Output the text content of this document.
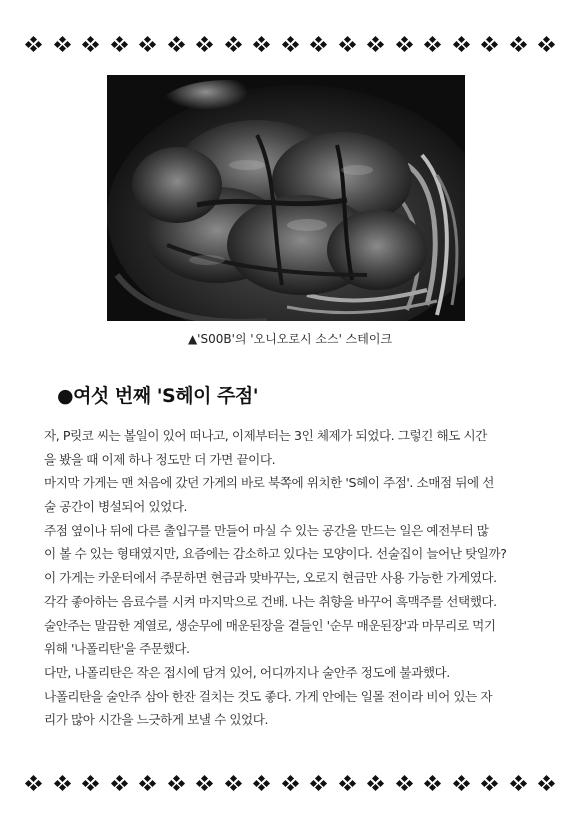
▲'S00B'의 '오니오로시 소스' 스테이크
●여섯 번째 'S헤이 주점'
자, P릿코 씨는 볼일이 있어 떠나고, 이제부터는 3인 체제가 되었다. 그렇긴 해도 시간
을 봤을 때 이제 하나 정도만 더 가면 끝이다.
마지막 가게는 맨 처음에 갔던 가게의 바로 북쪽에 위치한 'S헤이 주점'. 소매점 뒤에 선
술 공간이 병설되어 있었다.
주점 옆이나 뒤에 다른 출입구를 만들어 마실 수 있는 공간을 만드는 일은 예전부터 많
이 볼 수 있는 형태였지만, 요즘에는 감소하고 있다는 모양이다. 선술집이 늘어난 탓일까?
이 가게는 카운터에서 주문하면 현금과 맞바꾸는, 오로지 현금만 사용 가능한 가게였다.
각각 좋아하는 음료수를 시켜 마지막으로 건배. 나는 취향을 바꾸어 흑맥주를 선택했다.
술안주는 말끔한 계열로, 생순무에 매운된장을 곁들인 '순무 매운된장'과 마무리로 먹기
위해 '나폴리탄'을 주문했다.
다만, 나폴리탄은 작은 접시에 담겨 있어, 어디까지나 술안주 정도에 불과했다.
나폴리탄을 술안주 삼아 한잔 걸치는 것도 좋다. 가게 안에는 일몰 전이라 비어 있는 자
리가 많아 시간을 느긋하게 보낼 수 있었다.
